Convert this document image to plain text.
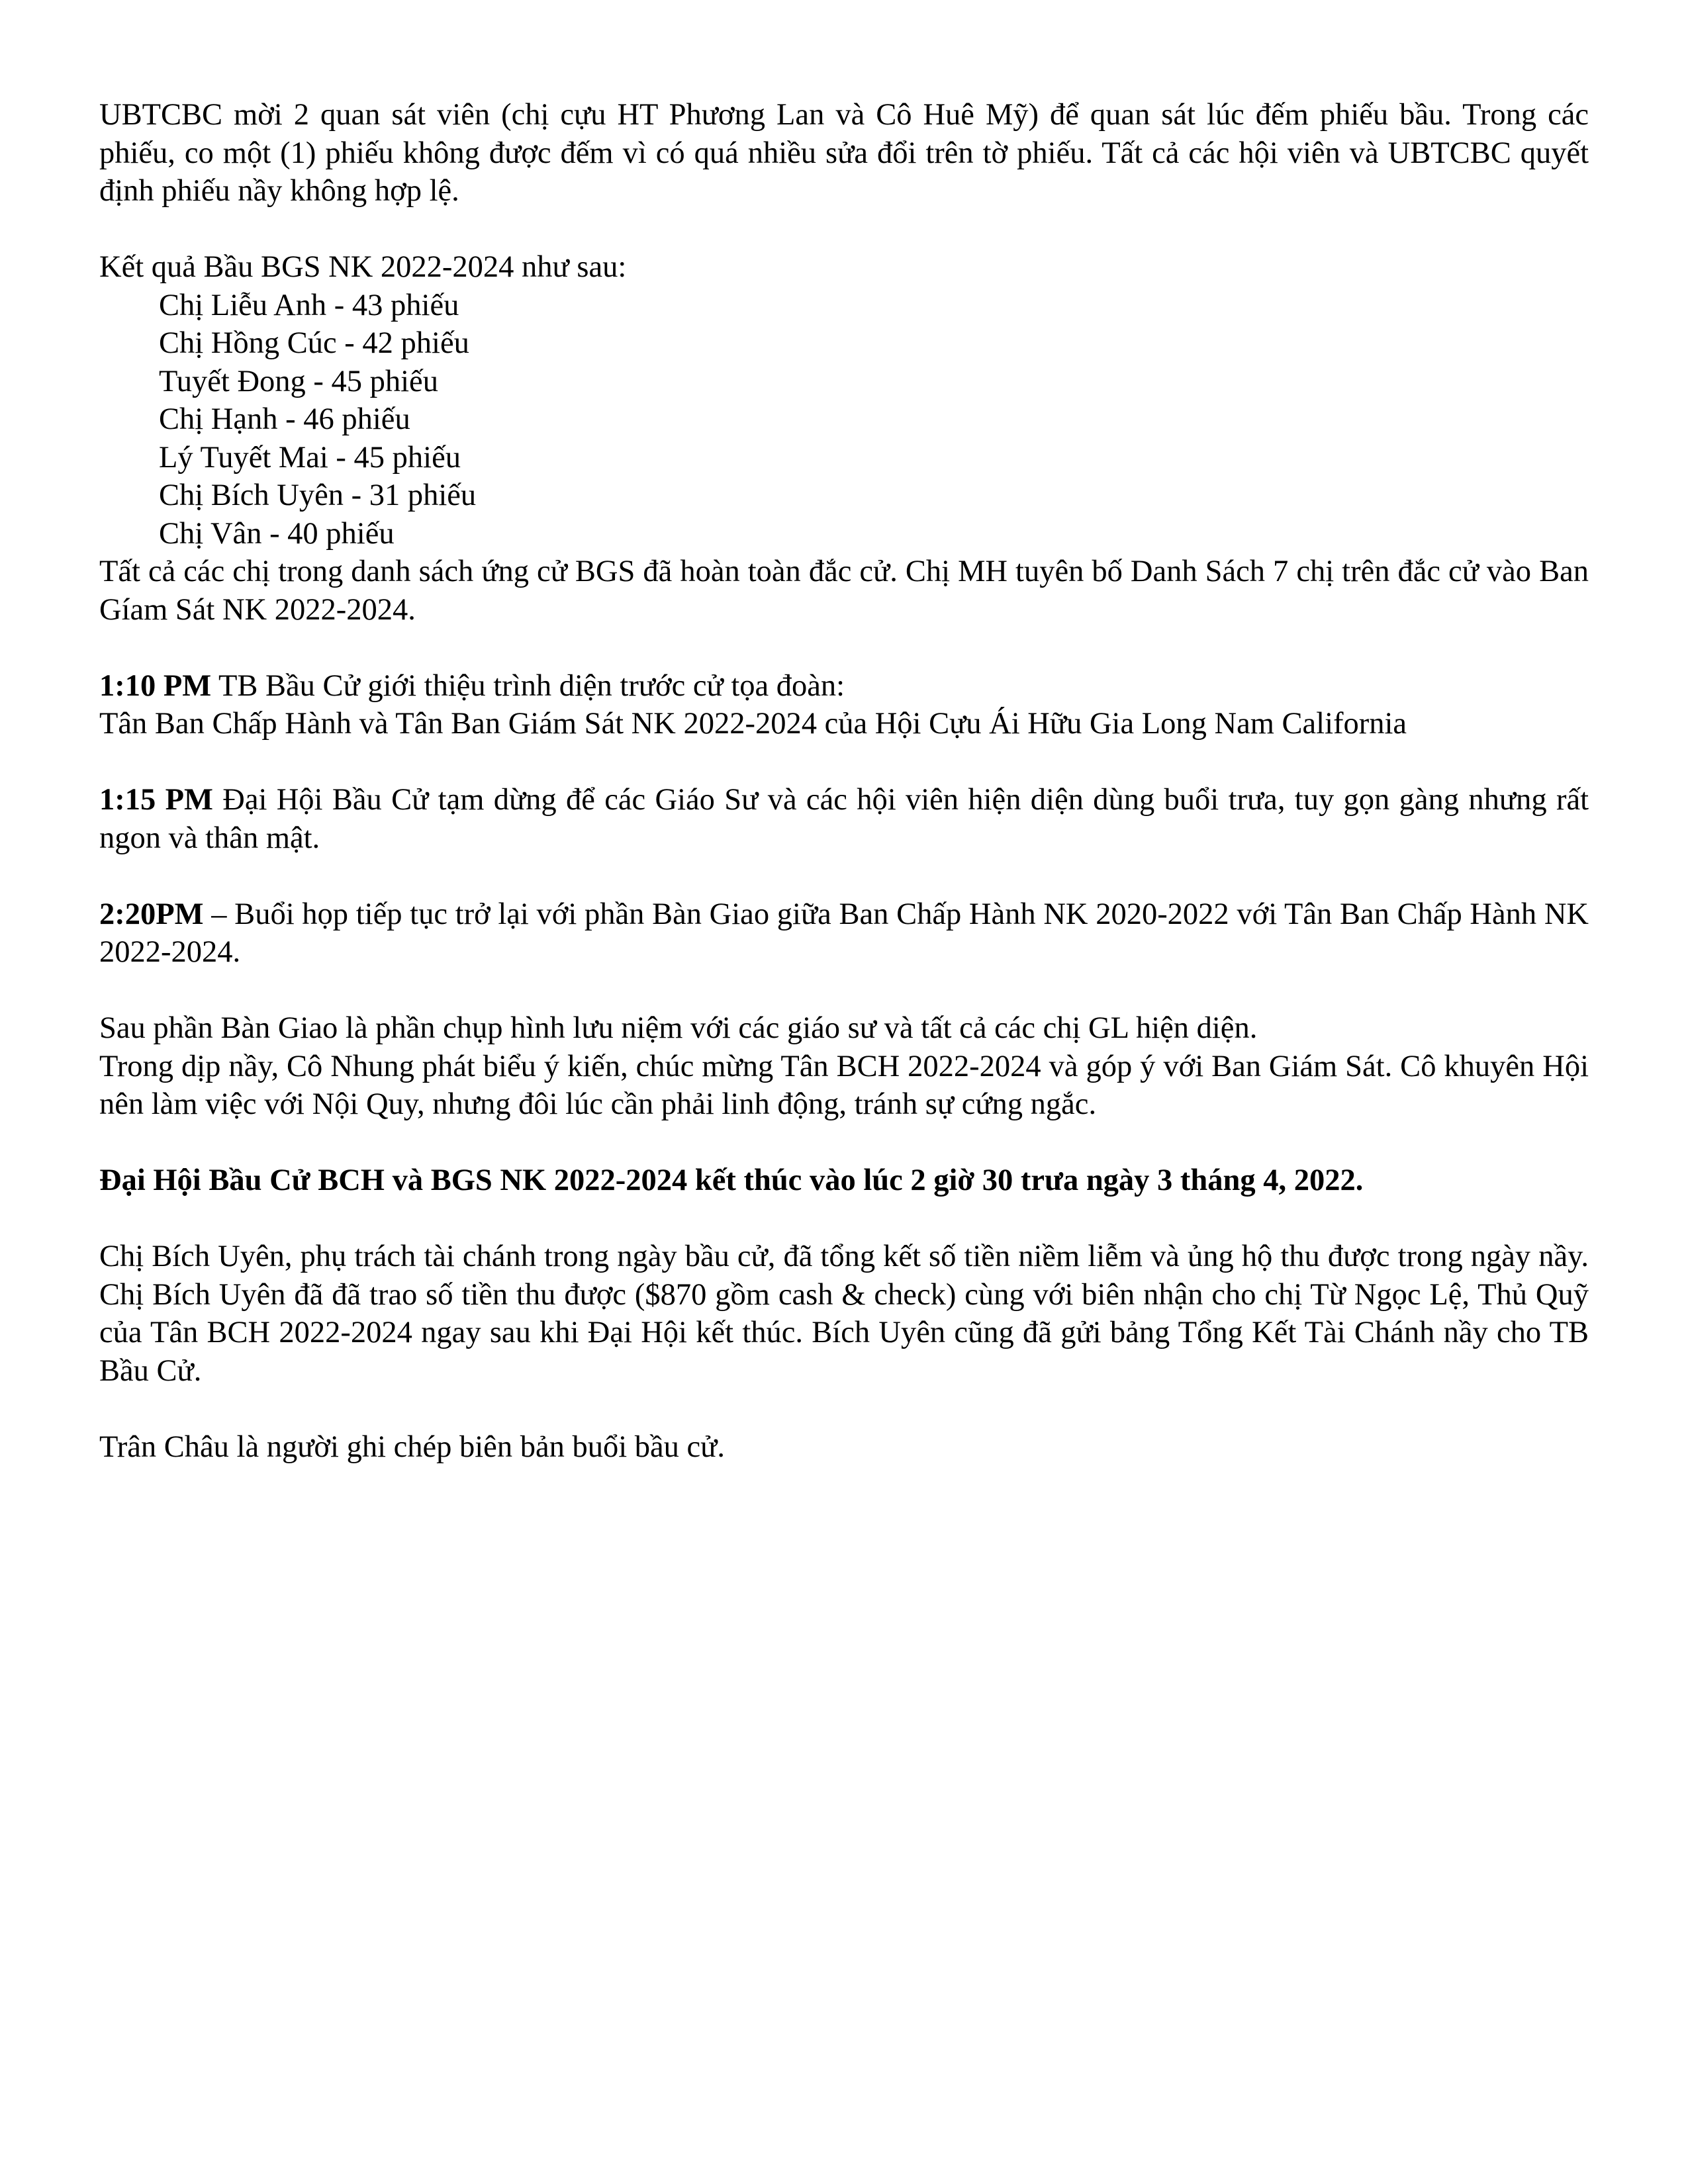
UBTCBC mời 2 quan sát viên (chị cựu HT Phương Lan và Cô Huê Mỹ) để quan sát lúc đếm phiếu bầu. Trong các phiếu, co một (1) phiếu không được đếm vì có quá nhiều sửa đổi trên tờ phiếu. Tất cả các hội viên và UBTCBC quyết định phiếu nầy không hợp lệ.

Kết quả Bầu BGS NK 2022-2024 như sau:

Chị Liễu Anh - 43 phiếu
Chị Hồng Cúc - 42 phiếu
Tuyết Đong - 45 phiếu
Chị Hạnh - 46 phiếu
Lý Tuyết Mai - 45 phiếu
Chị Bích Uyên - 31 phiếu
Chị Vân - 40 phiếu

Tất cả các chị trong danh sách ứng cử BGS đã hoàn toàn đắc cử. Chị MH tuyên bố Danh Sách 7 chị trên đắc cử vào Ban Gíam Sát NK 2022-2024.

1:10 PM TB Bầu Cử giới thiệu trình diện trước cử tọa đoàn:

Tân Ban Chấp Hành và Tân Ban Giám Sát NK 2022-2024 của Hội Cựu Ái Hữu Gia Long Nam California

1:15 PM Đại Hội Bầu Cử tạm dừng để các Giáo Sư và các hội viên hiện diện dùng buổi trưa, tuy gọn gàng nhưng rất ngon và thân mật.

2:20PM – Buổi họp tiếp tục trở lại với phần Bàn Giao giữa Ban Chấp Hành NK 2020-2022 với Tân Ban Chấp Hành NK 2022-2024.

Sau phần Bàn Giao là phần chụp hình lưu niệm với các giáo sư và tất cả các chị GL hiện diện.

Trong dịp nầy, Cô Nhung phát biểu ý kiến, chúc mừng Tân BCH 2022-2024 và góp ý với Ban Giám Sát. Cô khuyên Hội nên làm việc với Nội Quy, nhưng đôi lúc cần phải linh động, tránh sự cứng ngắc.

Đại Hội Bầu Cử BCH và BGS NK 2022-2024 kết thúc vào lúc 2 giờ 30 trưa ngày 3 tháng 4, 2022.

Chị Bích Uyên, phụ trách tài chánh trong ngày bầu cử, đã tổng kết số tiền niềm liễm và ủng hộ thu được trong ngày nầy. Chị Bích Uyên đã đã trao số tiền thu được ($870 gồm cash & check) cùng với biên nhận cho chị Từ Ngọc Lệ, Thủ Quỹ của Tân BCH 2022-2024 ngay sau khi Đại Hội kết thúc. Bích Uyên cũng đã gửi bảng Tổng Kết Tài Chánh nầy cho TB Bầu Cử.

Trân Châu là người ghi chép biên bản buổi bầu cử.
